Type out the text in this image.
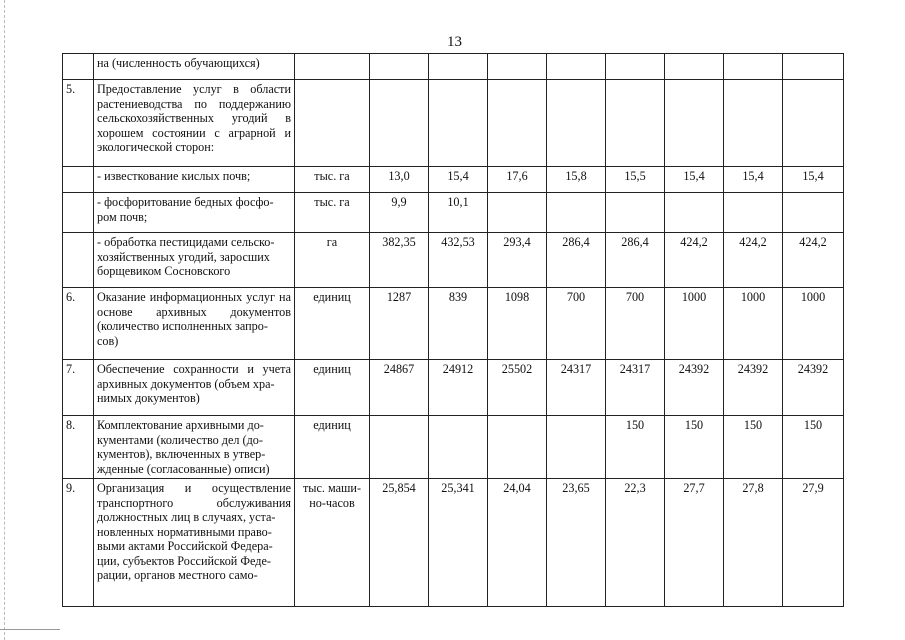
13
	на (численность обучающихся)									
5.	Предоставление услуг в области растениеводства по поддержанию сельскохозяйственных угодий в хорошем состоянии с аграрной и экологической сторон:									
	- известкование кислых почв;	тыс. га	13,0	15,4	17,6	15,8	15,5	15,4	15,4	15,4
	- фосфоритование бедных фосфо-
ром почв;	тыс. га	9,9	10,1						
	- обработка пестицидами сельско-
хозяйственных угодий, заросших
борщевиком Сосновского	га	382,35	432,53	293,4	286,4	286,4	424,2	424,2	424,2
6.	Оказание информационных услуг на основе архивных документов (количество исполненных запро-
сов)	единиц	1287	839	1098	700	700	1000	1000	1000
7.	Обеспечение сохранности и учета архивных документов (объем хра-
нимых документов)	единиц	24867	24912	25502	24317	24317	24392	24392	24392
8.	Комплектование архивными до-
кументами (количество дел (до-
кументов), включенных в утвер-
жденные (согласованные) описи)	единиц					150	150	150	150
9.	Организация и осуществление транспортного обслуживания должностных лиц в случаях, уста-
новленных нормативными право-
выми актами Российской Федера-
ции, субъектов Российской Феде-
рации, органов местного само-	тыс. маши-
но-часов	25,854	25,341	24,04	23,65	22,3	27,7	27,8	27,9
